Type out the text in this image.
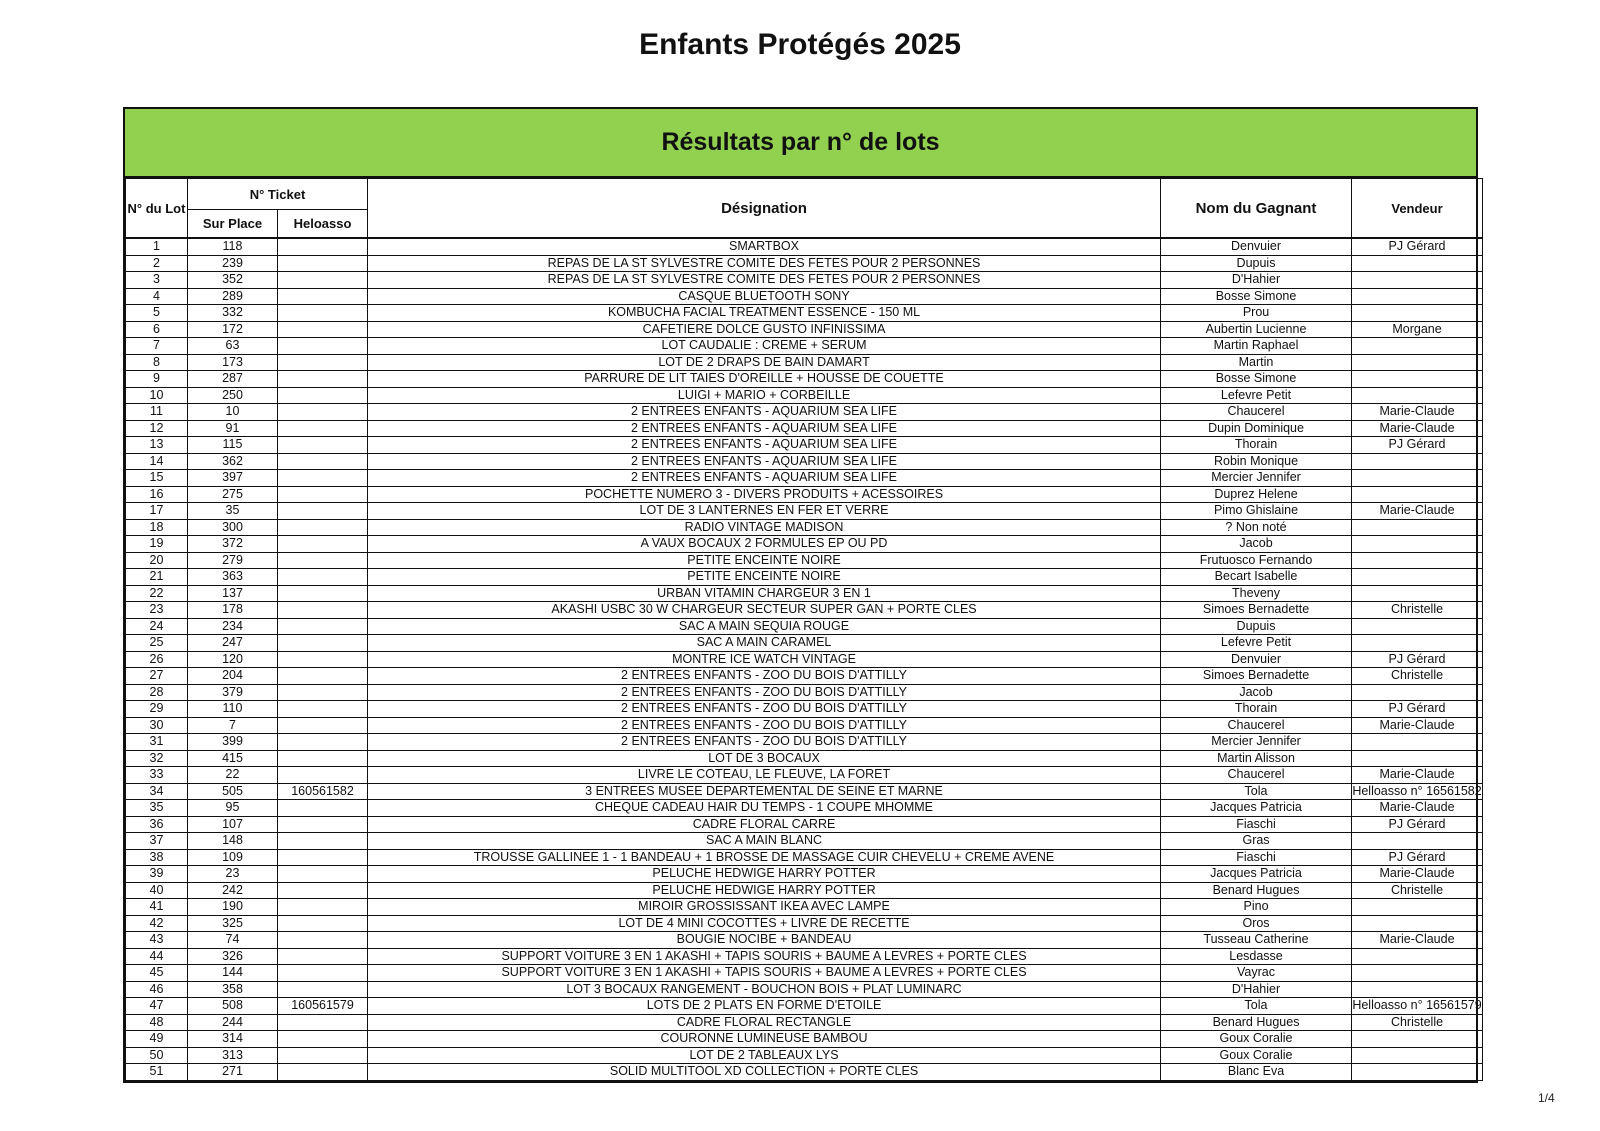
Enfants Protégés 2025
Résultats par n° de lots
N° du Lot	N° Ticket		Désignation	Nom du Gagnant	Vendeur
	Sur Place	Heloasso			
1	118		SMARTBOX	Denvuier	PJ Gérard
2	239		REPAS DE LA ST SYLVESTRE COMITE DES FETES POUR 2 PERSONNES	Dupuis	
3	352		REPAS DE LA ST SYLVESTRE COMITE DES FETES POUR 2 PERSONNES	D'Hahier	
4	289		CASQUE BLUETOOTH SONY	Bosse Simone	
5	332		KOMBUCHA FACIAL TREATMENT ESSENCE - 150 ML	Prou	
6	172		CAFETIERE DOLCE GUSTO INFINISSIMA	Aubertin Lucienne	Morgane
7	63		LOT CAUDALIE : CREME + SERUM	Martin Raphael	
8	173		LOT DE 2 DRAPS DE BAIN DAMART	Martin	
9	287		PARRURE DE LIT TAIES D'OREILLE + HOUSSE DE COUETTE	Bosse Simone	
10	250		LUIGI + MARIO + CORBEILLE	Lefevre Petit	
11	10		2 ENTREES ENFANTS - AQUARIUM SEA LIFE	Chaucerel	Marie-Claude
12	91		2 ENTREES ENFANTS - AQUARIUM SEA LIFE	Dupin Dominique	Marie-Claude
13	115		2 ENTREES ENFANTS - AQUARIUM SEA LIFE	Thorain	PJ Gérard
14	362		2 ENTREES ENFANTS - AQUARIUM SEA LIFE	Robin Monique	
15	397		2 ENTREES ENFANTS - AQUARIUM SEA LIFE	Mercier Jennifer	
16	275		POCHETTE NUMERO 3 - DIVERS PRODUITS + ACESSOIRES	Duprez Helene	
17	35		LOT DE 3 LANTERNES EN FER ET VERRE	Pimo Ghislaine	Marie-Claude
18	300		RADIO VINTAGE MADISON	? Non noté	
19	372		A VAUX BOCAUX 2 FORMULES EP OU PD	Jacob	
20	279		PETITE ENCEINTE NOIRE	Frutuosco Fernando	
21	363		PETITE ENCEINTE NOIRE	Becart Isabelle	
22	137		URBAN VITAMIN CHARGEUR 3 EN 1	Theveny	
23	178		AKASHI USBC 30 W CHARGEUR SECTEUR SUPER GAN + PORTE CLES	Simoes Bernadette	Christelle
24	234		SAC A MAIN SEQUIA ROUGE	Dupuis	
25	247		SAC A MAIN CARAMEL	Lefevre Petit	
26	120		MONTRE ICE WATCH VINTAGE	Denvuier	PJ Gérard
27	204		2 ENTREES ENFANTS - ZOO DU BOIS D'ATTILLY	Simoes Bernadette	Christelle
28	379		2 ENTREES ENFANTS - ZOO DU BOIS D'ATTILLY	Jacob	
29	110		2 ENTREES ENFANTS - ZOO DU BOIS D'ATTILLY	Thorain	PJ Gérard
30	7		2 ENTREES ENFANTS - ZOO DU BOIS D'ATTILLY	Chaucerel	Marie-Claude
31	399		2 ENTREES ENFANTS - ZOO DU BOIS D'ATTILLY	Mercier Jennifer	
32	415		LOT DE 3 BOCAUX	Martin Alisson	
33	22		LIVRE LE COTEAU, LE FLEUVE, LA FORET	Chaucerel	Marie-Claude
34	505	160561582	3 ENTREES MUSEE DEPARTEMENTAL DE SEINE ET MARNE	Tola	Helloasso n° 16561582
35	95		CHEQUE CADEAU HAIR DU TEMPS - 1 COUPE MHOMME	Jacques Patricia	Marie-Claude
36	107		CADRE FLORAL CARRE	Fiaschi	PJ Gérard
37	148		SAC A MAIN BLANC	Gras	
38	109		TROUSSE GALLINEE 1 - 1 BANDEAU + 1 BROSSE DE MASSAGE CUIR CHEVELU + CREME AVENE	Fiaschi	PJ Gérard
39	23		PELUCHE HEDWIGE HARRY POTTER	Jacques Patricia	Marie-Claude
40	242		PELUCHE HEDWIGE HARRY POTTER	Benard Hugues	Christelle
41	190		MIROIR GROSSISSANT IKEA AVEC LAMPE	Pino	
42	325		LOT DE 4 MINI COCOTTES + LIVRE DE RECETTE	Oros	
43	74		BOUGIE NOCIBE + BANDEAU	Tusseau Catherine	Marie-Claude
44	326		SUPPORT VOITURE 3 EN 1 AKASHI + TAPIS SOURIS + BAUME A LEVRES + PORTE CLES	Lesdasse	
45	144		SUPPORT VOITURE 3 EN 1 AKASHI + TAPIS SOURIS + BAUME A LEVRES + PORTE CLES	Vayrac	
46	358		LOT 3 BOCAUX RANGEMENT - BOUCHON BOIS + PLAT LUMINARC	D'Hahier	
47	508	160561579	LOTS DE 2 PLATS EN FORME D'ETOILE	Tola	Helloasso n° 16561579
48	244		CADRE FLORAL RECTANGLE	Benard Hugues	Christelle
49	314		COURONNE LUMINEUSE BAMBOU	Goux Coralie	
50	313		LOT DE 2 TABLEAUX LYS	Goux Coralie	
51	271		SOLID MULTITOOL XD COLLECTION + PORTE CLES	Blanc Eva	
1/4
